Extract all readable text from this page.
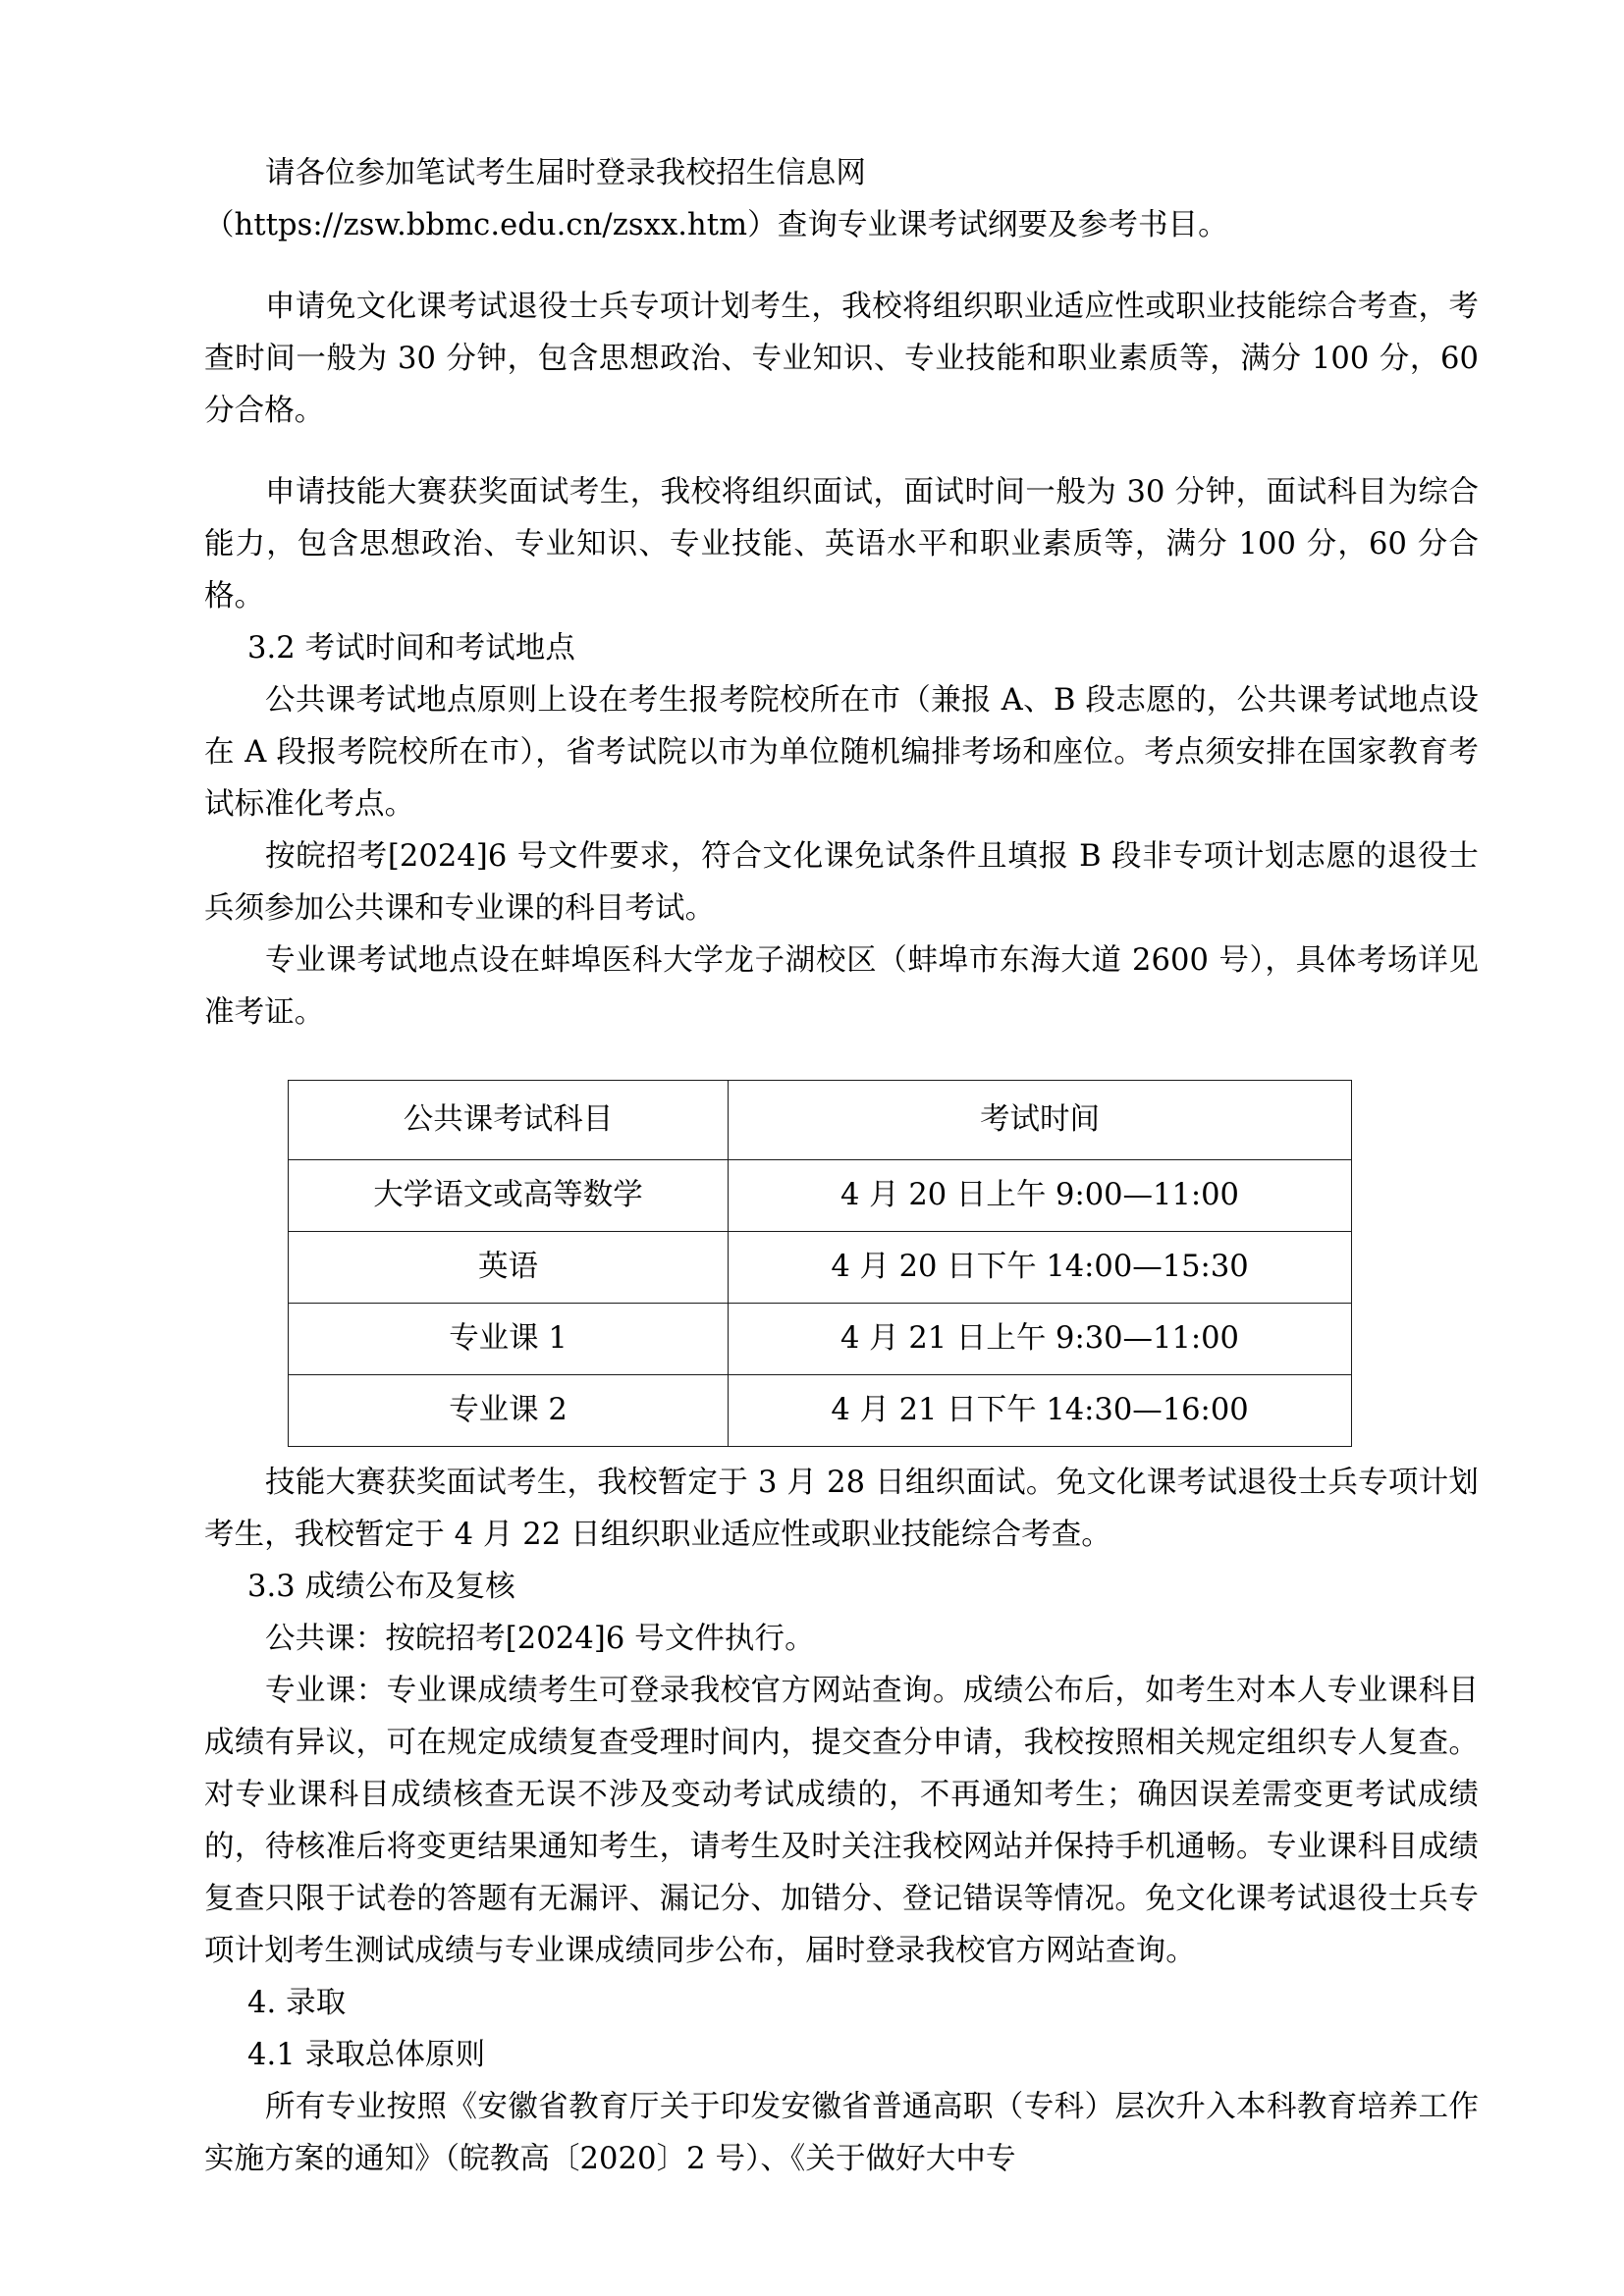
请各位参加笔试考生届时登录我校招生信息网

（https://zsw.bbmc.edu.cn/zsxx.htm）查询专业课考试纲要及参考书目。

申请免文化课考试退役士兵专项计划考生，我校将组织职业适应性或职业技能综合考查，考查时间一般为 30 分钟，包含思想政治、专业知识、专业技能和职业素质等，满分 100 分，60 分合格。

申请技能大赛获奖面试考生，我校将组织面试，面试时间一般为 30 分钟，面试科目为综合能力，包含思想政治、专业知识、专业技能、英语水平和职业素质等，满分 100 分，60 分合格。

3.2 考试时间和考试地点

公共课考试地点原则上设在考生报考院校所在市（兼报 A、B 段志愿的，公共课考试地点设在 A 段报考院校所在市），省考试院以市为单位随机编排考场和座位。考点须安排在国家教育考试标准化考点。

按皖招考[2024]6 号文件要求，符合文化课免试条件且填报 B 段非专项计划志愿的退役士兵须参加公共课和专业课的科目考试。

专业课考试地点设在蚌埠医科大学龙子湖校区（蚌埠市东海大道 2600 号），具体考场详见准考证。

公共课考试科目	考试时间
大学语文或高等数学	4 月 20 日上午 9:00—11:00
英语	4 月 20 日下午 14:00—15:30
专业课 1	4 月 21 日上午 9:30—11:00
专业课 2	4 月 21 日下午 14:30—16:00

技能大赛获奖面试考生，我校暂定于 3 月 28 日组织面试。免文化课考试退役士兵专项计划考生，我校暂定于 4 月 22 日组织职业适应性或职业技能综合考查。

3.3 成绩公布及复核

公共课：按皖招考[2024]6 号文件执行。

专业课：专业课成绩考生可登录我校官方网站查询。成绩公布后，如考生对本人专业课科目成绩有异议，可在规定成绩复查受理时间内，提交查分申请，我校按照相关规定组织专人复查。对专业课科目成绩核查无误不涉及变动考试成绩的，不再通知考生；确因误差需变更考试成绩的，待核准后将变更结果通知考生，请考生及时关注我校网站并保持手机通畅。专业课科目成绩复查只限于试卷的答题有无漏评、漏记分、加错分、登记错误等情况。免文化课考试退役士兵专项计划考生测试成绩与专业课成绩同步公布，届时登录我校官方网站查询。

4. 录取

4.1 录取总体原则

所有专业按照《安徽省教育厅关于印发安徽省普通高职（专科）层次升入本科教育培养工作实施方案的通知》（皖教高〔2020〕2 号）、《关于做好大中专
